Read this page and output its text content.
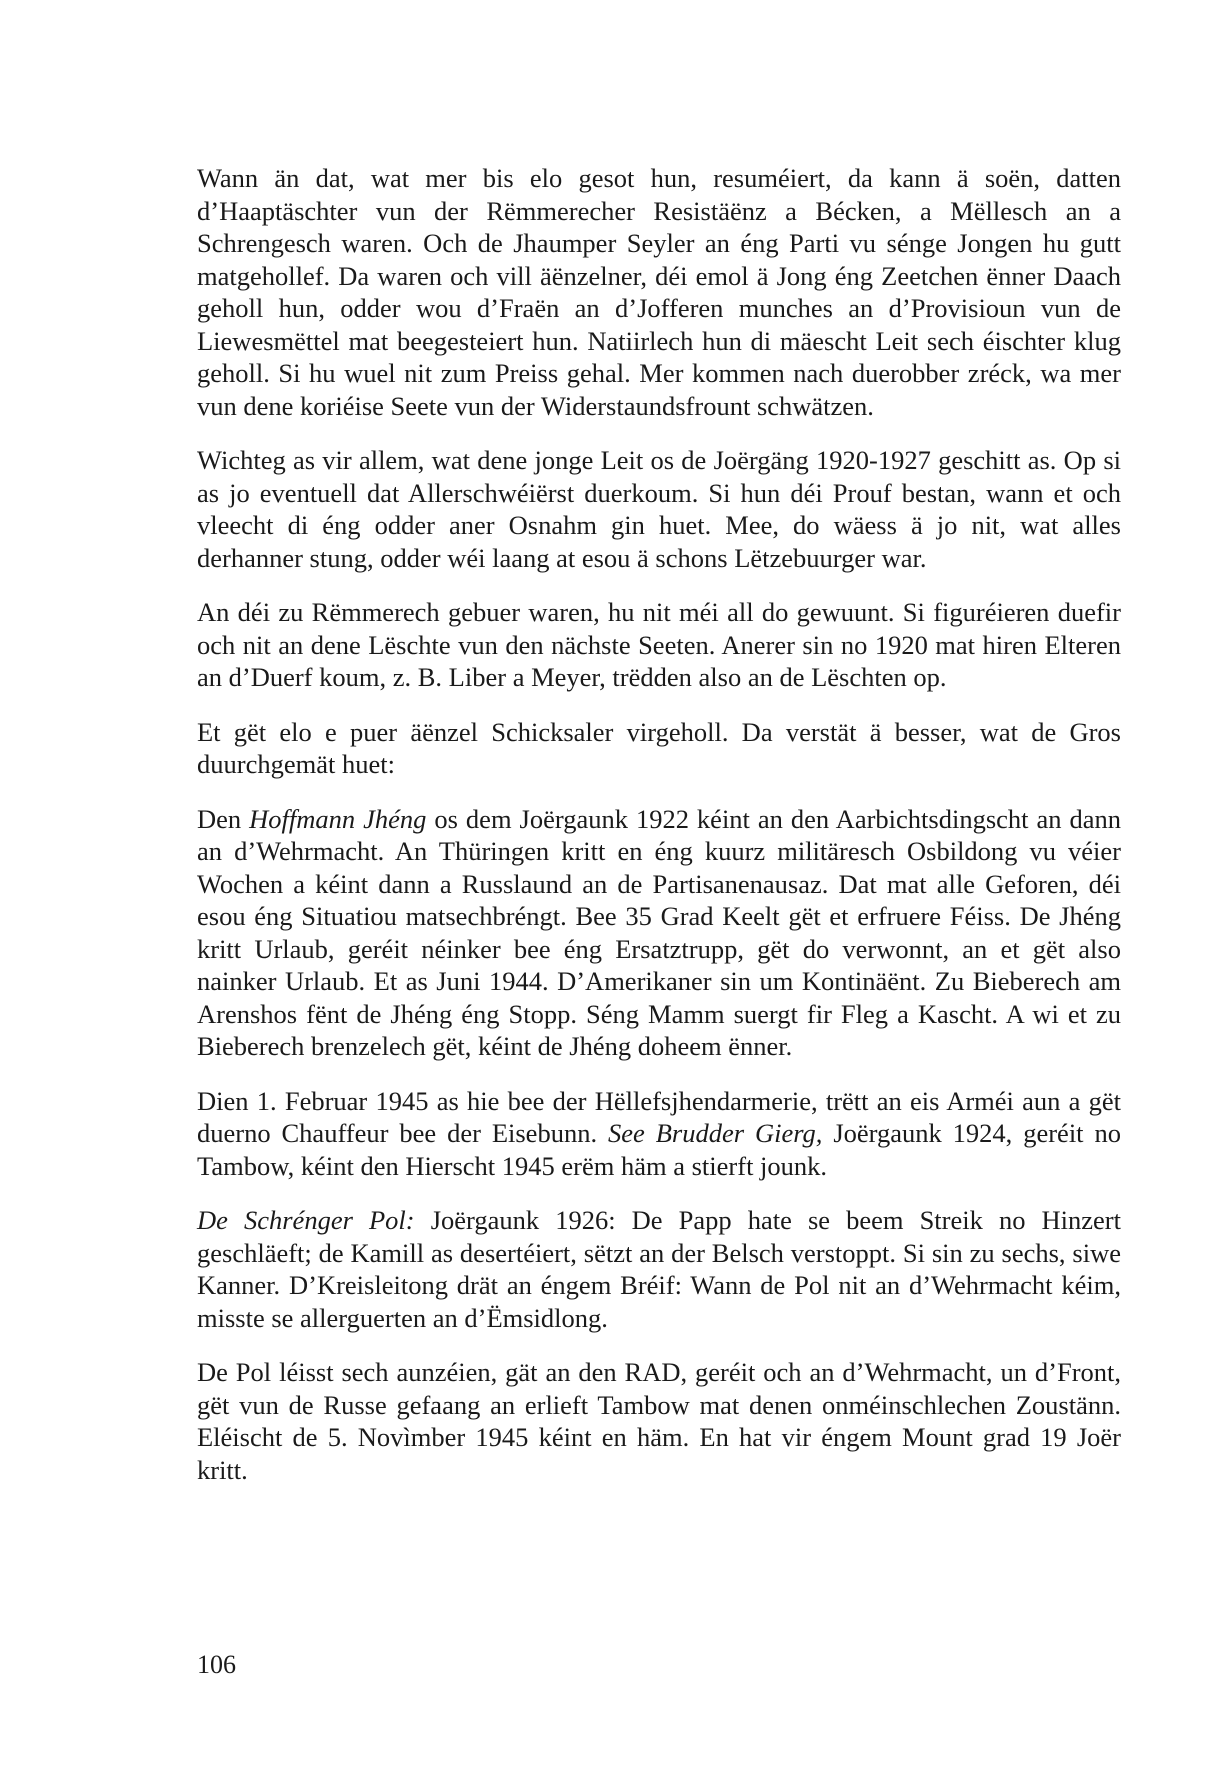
Wann än dat, wat mer bis elo gesot hun, resuméiert, da kann ä soën, datten d’Haaptäschter vun der Rëmmerecher Resistäënz a Bécken, a Mëllesch an a Schrengesch waren. Och de Jhaumper Seyler an éng Parti vu sénge Jongen hu gutt matgehollef. Da waren och vill äënzelner, déi emol ä Jong éng Zeetchen ënner Daach geholl hun, odder wou d’Fraën an d’Jofferen munches an d’Provisioun vun de Liewesmëttel mat beegesteiert hun. Natiirlech hun di mäescht Leit sech éischter klug geholl. Si hu wuel nit zum Preiss gehal. Mer kommen nach duerobber zréck, wa mer vun dene koriéise Seete vun der Widerstaundsfrount schwätzen.

Wichteg as vir allem, wat dene jonge Leit os de Joërgäng 1920-1927 geschitt as. Op si as jo eventuell dat Allerschwéiërst duerkoum. Si hun déi Prouf bestan, wann et och vleecht di éng odder aner Osnahm gin huet. Mee, do wäess ä jo nit, wat alles derhanner stung, odder wéi laang at esou ä schons Lëtzebuurger war.

An déi zu Rëmmerech gebuer waren, hu nit méi all do gewuunt. Si figuréieren duefir och nit an dene Lëschte vun den nächste Seeten. Anerer sin no 1920 mat hiren Elteren an d’Duerf koum, z. B. Liber a Meyer, trëdden also an de Lëschten op.

Et gët elo e puer äënzel Schicksaler virgeholl. Da verstät ä besser, wat de Gros duurchgemät huet:

Den Hoffmann Jhéng os dem Joërgaunk 1922 kéint an den Aarbichtsdingscht an dann an d’Wehrmacht. An Thüringen kritt en éng kuurz militäresch Osbildong vu véier Wochen a kéint dann a Russlaund an de Partisanenausaz. Dat mat alle Geforen, déi esou éng Situatiou matsechbréngt. Bee 35 Grad Keelt gët et erfruere Féiss. De Jhéng kritt Urlaub, geréit néinker bee éng Ersatztrupp, gët do verwonnt, an et gët also nainker Urlaub. Et as Juni 1944. D’Amerikaner sin um Kontinäënt. Zu Bieberech am Arenshos fënt de Jhéng éng Stopp. Séng Mamm suergt fir Fleg a Kascht. A wi et zu Bieberech brenzelech gët, kéint de Jhéng doheem ënner.

Dien 1. Februar 1945 as hie bee der Hëllefsjhendarmerie, trëtt an eis Arméi aun a gët duerno Chauffeur bee der Eisebunn. See Brudder Gierg, Joërgaunk 1924, geréit no Tambow, kéint den Hierscht 1945 erëm häm a stierft jounk.

De Schrénger Pol: Joërgaunk 1926: De Papp hate se beem Streik no Hinzert geschläeft; de Kamill as desertéiert, sëtzt an der Belsch verstoppt. Si sin zu sechs, siwe Kanner. D’Kreisleitong drät an éngem Bréif: Wann de Pol nit an d’Wehrmacht kéim, misste se allerguerten an d’Ëmsidlong.

De Pol léisst sech aunzéien, gät an den RAD, geréit och an d’Wehrmacht, un d’Front, gët vun de Russe gefaang an erlieft Tambow mat denen onméinschlechen Zoustänn. Eléischt de 5. Novìmber 1945 kéint en häm. En hat vir éngem Mount grad 19 Joër kritt.

106
